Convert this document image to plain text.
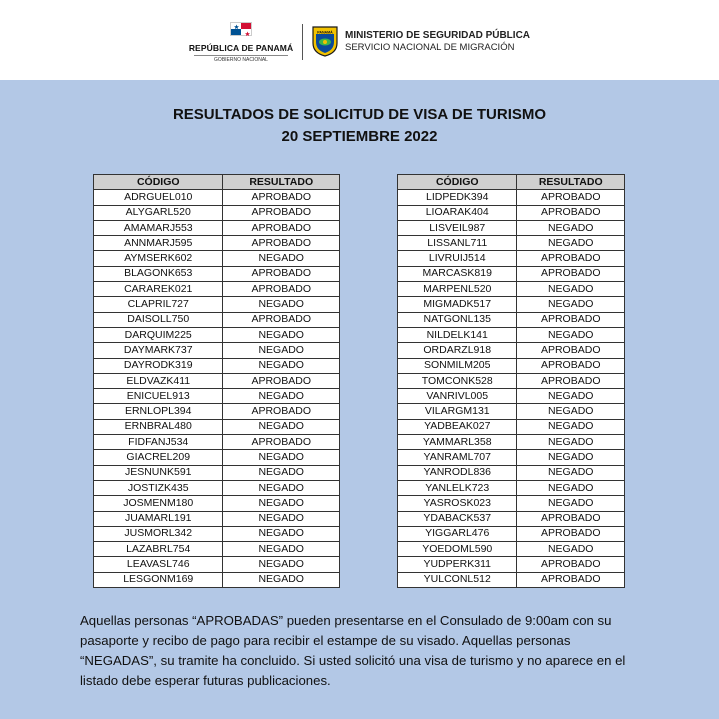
REPÚBLICA DE PANAMÁ
GOBIERNO NACIONAL
PANAMÁ MINISTERIO DE SEGURIDAD PÚBLICA
SERVICIO NACIONAL DE MIGRACIÓN
RESULTADOS DE SOLICITUD DE VISA DE TURISMO
20 SEPTIEMBRE 2022
CÓDIGO	RESULTADO
ADRGUEL010	APROBADO
ALYGARL520	APROBADO
AMAMARJ553	APROBADO
ANNMARJ595	APROBADO
AYMSERK602	NEGADO
BLAGONK653	APROBADO
CARAREK021	APROBADO
CLAPRIL727	NEGADO
DAISOLL750	APROBADO
DARQUIM225	NEGADO
DAYMARK737	NEGADO
DAYRODK319	NEGADO
ELDVAZK411	APROBADO
ENICUEL913	NEGADO
ERNLOPL394	APROBADO
ERNBRAL480	NEGADO
FIDFANJ534	APROBADO
GIACREL209	NEGADO
JESNUNK591	NEGADO
JOSTIZK435	NEGADO
JOSMENM180	NEGADO
JUAMARL191	NEGADO
JUSMORL342	NEGADO
LAZABRL754	NEGADO
LEAVASL746	NEGADO
LESGONM169	NEGADO
CÓDIGO	RESULTADO
LIDPEDK394	APROBADO
LIOARAK404	APROBADO
LISVEIL987	NEGADO
LISSANL711	NEGADO
LIVRUIJ514	APROBADO
MARCASK819	APROBADO
MARPENL520	NEGADO
MIGMADK517	NEGADO
NATGONL135	APROBADO
NILDELK141	NEGADO
ORDARZL918	APROBADO
SONMILM205	APROBADO
TOMCONK528	APROBADO
VANRIVL005	NEGADO
VILARGM131	NEGADO
YADBEAK027	NEGADO
YAMMARL358	NEGADO
YANRAML707	NEGADO
YANRODL836	NEGADO
YANLELK723	NEGADO
YASROSK023	NEGADO
YDABACK537	APROBADO
YIGGARL476	APROBADO
YOEDOML590	NEGADO
YUDPERK311	APROBADO
YULCONL512	APROBADO
Aquellas personas “APROBADAS” pueden presentarse en el Consulado de 9:00am con su
pasaporte y recibo de pago para recibir el estampe de su visado. Aquellas personas
“NEGADAS”, su tramite ha concluido. Si usted solicitó una visa de turismo y no aparece en el
listado debe esperar futuras publicaciones.
